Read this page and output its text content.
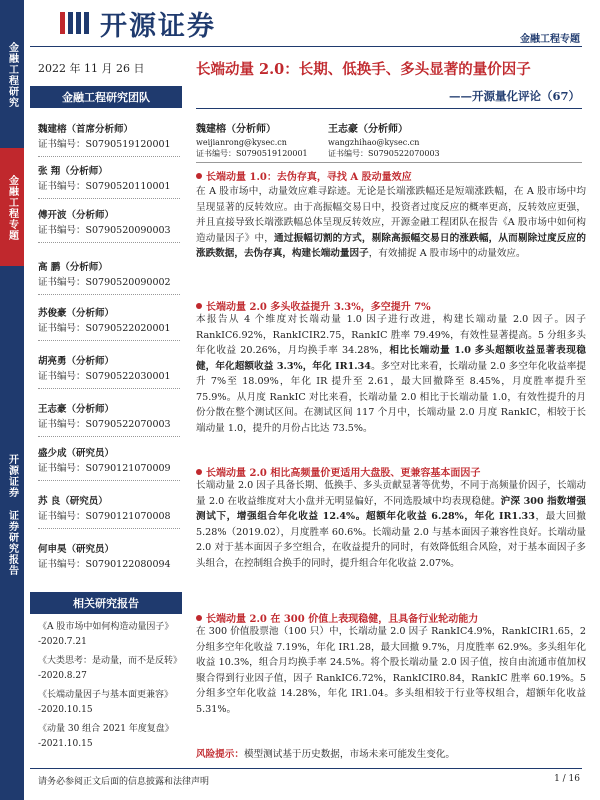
金融工程研究
金融工程专题
开源证券 证券研究报告
开源证券	金融工程专题
2022 年 11 月 26 日
金融工程研究团队
魏建榕（首席分析师）
证书编号：S0790519120001
张 翔（分析师）
证书编号：S0790520110001
傅开波（分析师）
证书编号：S0790520090003
高 鹏（分析师）
证书编号：S0790520090002
苏俊豪（分析师）
证书编号：S0790522020001
胡亮勇（分析师）
证书编号：S0790522030001
王志豪（分析师）
证书编号：S0790522070003
盛少成（研究员）
证书编号：S0790121070009
苏 良（研究员）
证书编号：S0790121070008
何申昊（研究员）
证书编号：S0790122080094
相关研究报告
《A 股市场中如何构造动量因子》
-2020.7.21
《大类思考：是动量，而不是反转》
-2020.8.27
《长端动量因子与基本面更兼容》
-2020.10.15
《动量 30 组合 2021 年度复盘》
-2021.10.15
长端动量 2.0：长期、低换手、多头显著的量价因子
——开源量化评论（67）
魏建榕（分析师）
weijianrong@kysec.cn
证书编号：S0790519120001
王志豪（分析师）
wangzhihao@kysec.cn
证书编号：S0790522070003
长端动量 1.0：去伪存真，寻找 A 股动量效应
在 A 股市场中，动量效应难寻踪迹。无论是长端涨跌幅还是短端涨跌幅，在 A 股市场中均呈现显著的反转效应。由于高振幅交易日中，投资者过度反应的概率更高，反转效应更强，并且直接导致长端涨跌幅总体呈现反转效应，开源金融工程团队在报告《A 股市场中如何构造动量因子》中，通过振幅切割的方式，剔除高振幅交易日的涨跌幅，从而剔除过度反应的涨跌数据，去伪存真，构建长端动量因子，有效捕捉 A 股市场中的动量效应。
长端动量 2.0 多头收益提升 3.3%，多空提升 7%
本报告从 4 个维度对长端动量 1.0 因子进行改进，构建长端动量 2.0 因子。因子 RankIC6.92%，RankICIR2.75，RankIC 胜率 79.49%，有效性显著提高。5 分组多头年化收益 20.26%，月均换手率 34.28%，相比长端动量 1.0 多头超额收益显著表现稳健，年化超额收益 3.3%，年化 IR1.34。多空对比来看，长端动量 2.0 多空年化收益率提升 7%至 18.09%，年化 IR 提升至 2.61，最大回撤降至 8.45%，月度胜率提升至 75.9%。从月度 RankIC 对比来看，长端动量 2.0 相比于长端动量 1.0，有效性提升的月份分散在整个测试区间。在测试区间 117 个月中，长端动量 2.0 月度 RankIC，相较于长端动量 1.0，提升的月份占比达 73.5%。
长端动量 2.0 相比高频量价更适用大盘股、更兼容基本面因子
长端动量 2.0 因子具备长期、低换手、多头贡献显著等优势，不同于高频量价因子，长端动量 2.0 在收益维度对大小盘并无明显偏好，不同选股域中均表现稳健。沪深 300 指数增强测试下，增强组合年化收益 12.4%。超额年化收益 6.28%，年化 IR1.33，最大回撤 5.28%（2019.02），月度胜率 60.6%。长端动量 2.0 与基本面因子兼容性良好。长端动量 2.0 对于基本面因子多空组合，在收益提升的同时，有效降低组合风险，对于基本面因子多头组合，在控制组合换手的同时，提升组合年化收益 2.07%。
长端动量 2.0 在 300 价值上表现稳健，且具备行业轮动能力
在 300 价值股票池（100 只）中，长端动量 2.0 因子 RankIC4.9%，RankICIR1.65，2 分组多空年化收益 7.19%，年化 IR1.28，最大回撤 9.7%，月度胜率 62.9%。多头组年化收益 10.3%，组合月均换手率 24.5%。将个股长端动量 2.0 因子值，按自由流通市值加权聚合得到行业因子值，因子 RankIC6.72%，RankICIR0.84，RankIC 胜率 60.19%。5 分组多空年化收益 14.28%，年化 IR1.04。多头组相较于行业等权组合，超额年化收益 5.31%。
风险提示：模型测试基于历史数据，市场未来可能发生变化。
请务必参阅正文后面的信息披露和法律声明	1 / 16
